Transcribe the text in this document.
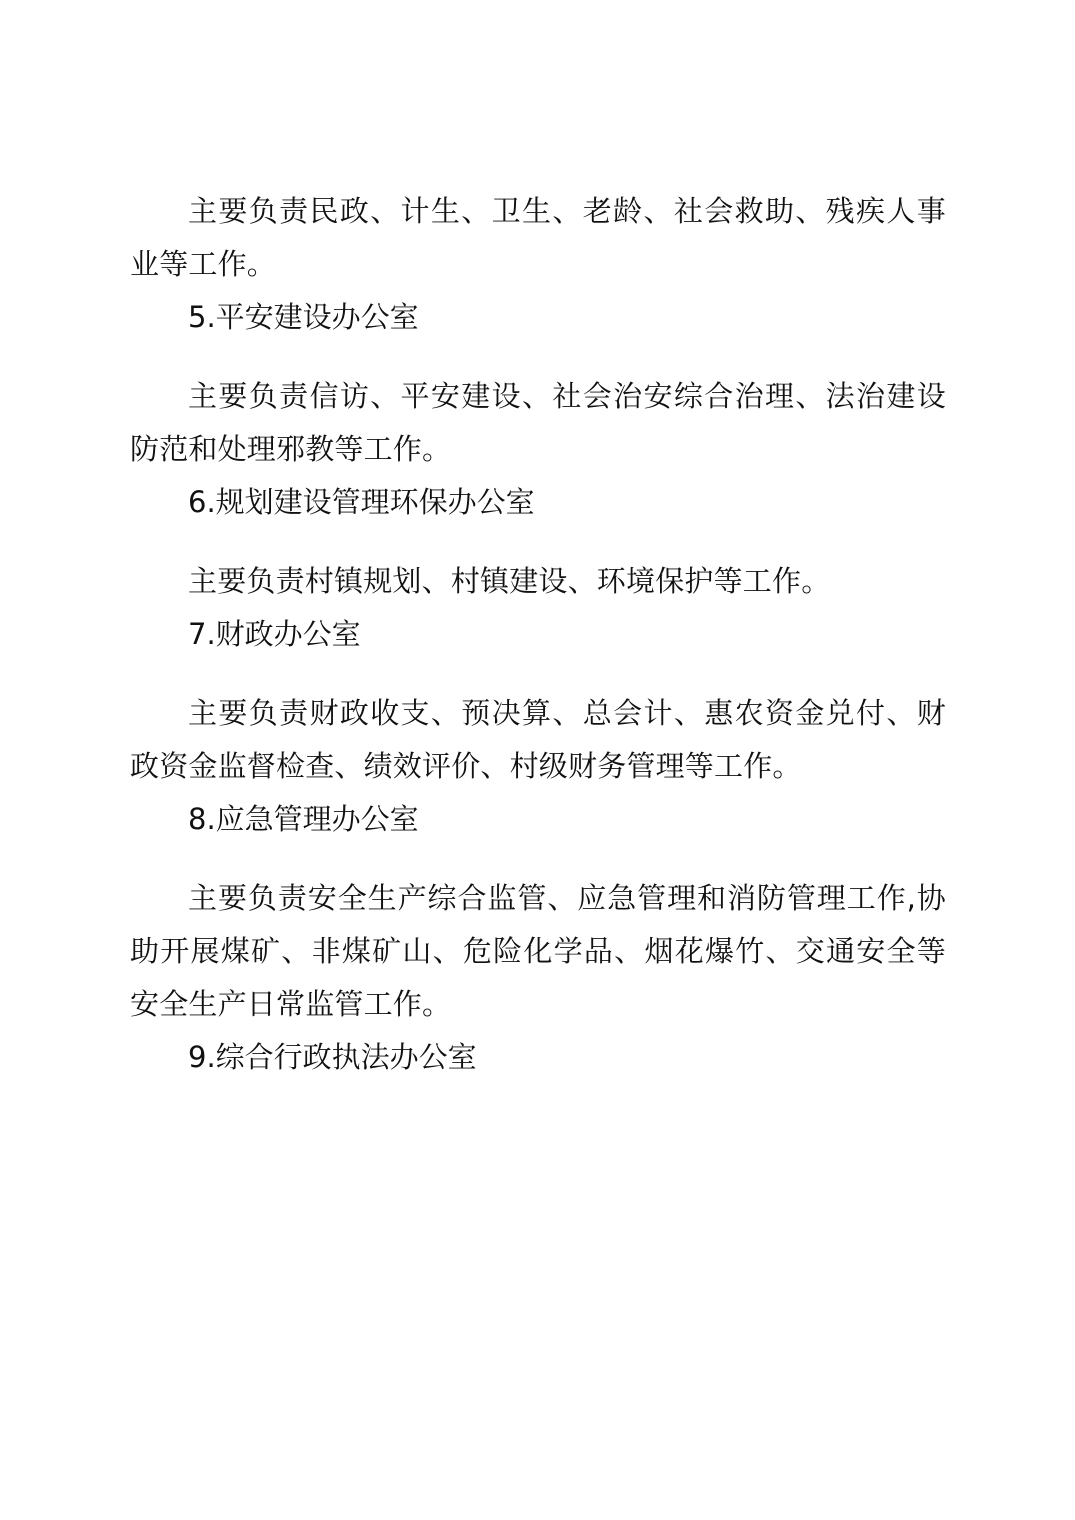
主要负责民政、计生、卫生、老龄、社会救助、残疾人事业等工作。

5.平安建设办公室

主要负责信访、平安建设、社会治安综合治理、法治建设防范和处理邪教等工作。

6.规划建设管理环保办公室

主要负责村镇规划、村镇建设、环境保护等工作。

7.财政办公室

主要负责财政收支、预决算、总会计、惠农资金兑付、财政资金监督检查、绩效评价、村级财务管理等工作。

8.应急管理办公室

主要负责安全生产综合监管、应急管理和消防管理工作,协助开展煤矿、非煤矿山、危险化学品、烟花爆竹、交通安全等安全生产日常监管工作。

9.综合行政执法办公室
